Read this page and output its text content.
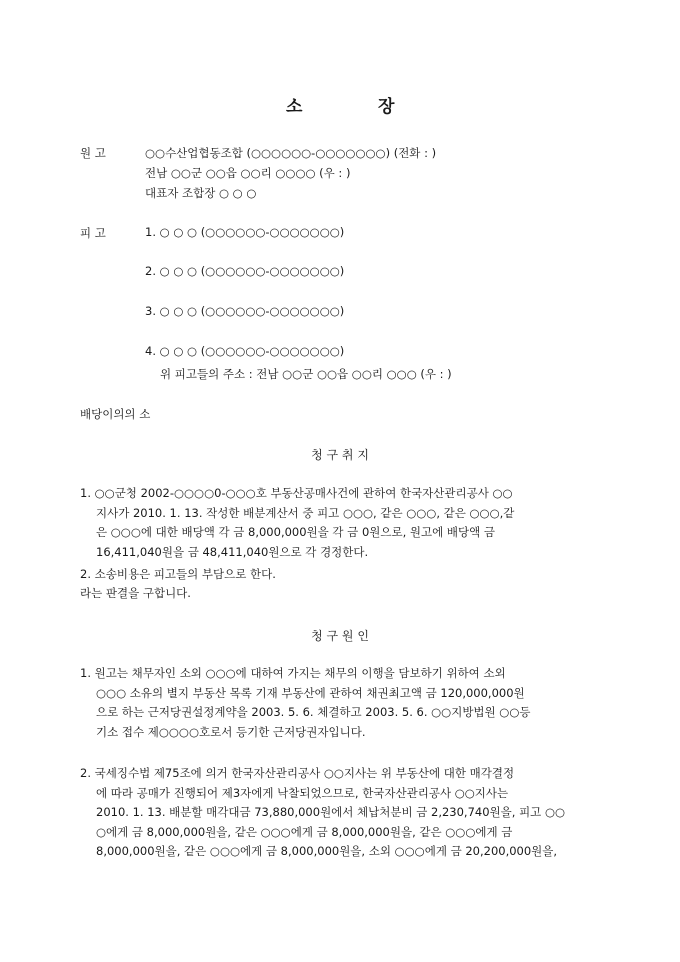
소	장
원 고	○○수산업협동조합 (○○○○○○-○○○○○○○) (전화 : )
전남 ○○군 ○○읍 ○○리 ○○○○ (우 : )
대표자 조합장 ○ ○ ○
피 고	1. ○ ○ ○ (○○○○○○-○○○○○○○)
2. ○ ○ ○ (○○○○○○-○○○○○○○)
3. ○ ○ ○ (○○○○○○-○○○○○○○)
4. ○ ○ ○ (○○○○○○-○○○○○○○)
위 피고들의 주소 : 전남 ○○군 ○○읍 ○○리 ○○○ (우 : )
배당이의의 소
청 구 취 지
1. ○○군청 2002-○○○○0-○○○호 부동산공매사건에 관하여 한국자산관리공사 ○○
지사가 2010. 1. 13. 작성한 배분계산서 중 피고 ○○○, 같은 ○○○, 같은 ○○○,같
은 ○○○에 대한 배당액 각 금 8,000,000원을 각 금 0원으로, 원고에 배당액 금
16,411,040원을 금 48,411,040원으로 각 경정한다.
2. 소송비용은 피고들의 부담으로 한다.
라는 판결을 구합니다.
청 구 원 인
1. 원고는 채무자인 소외 ○○○에 대하여 가지는 채무의 이행을 담보하기 위하여 소외
○○○ 소유의 별지 부동산 목록 기재 부동산에 관하여 채권최고액 금 120,000,000원
으로 하는 근저당권설정계약을 2003. 5. 6. 체결하고 2003. 5. 6. ○○지방법원 ○○등
기소 접수 제○○○○호로서 등기한 근저당권자입니다.
2. 국세징수법 제75조에 의거 한국자산관리공사 ○○지사는 위 부동산에 대한 매각결정
에 따라 공매가 진행되어 제3자에게 낙찰되었으므로, 한국자산관리공사 ○○지사는
2010. 1. 13. 배분할 매각대금 73,880,000원에서 체납처분비 금 2,230,740원을, 피고 ○○
○에게 금 8,000,000원을, 같은 ○○○에게 금 8,000,000원을, 같은 ○○○에게 금
8,000,000원을, 같은 ○○○에게 금 8,000,000원을, 소외 ○○○에게 금 20,200,000원을,
